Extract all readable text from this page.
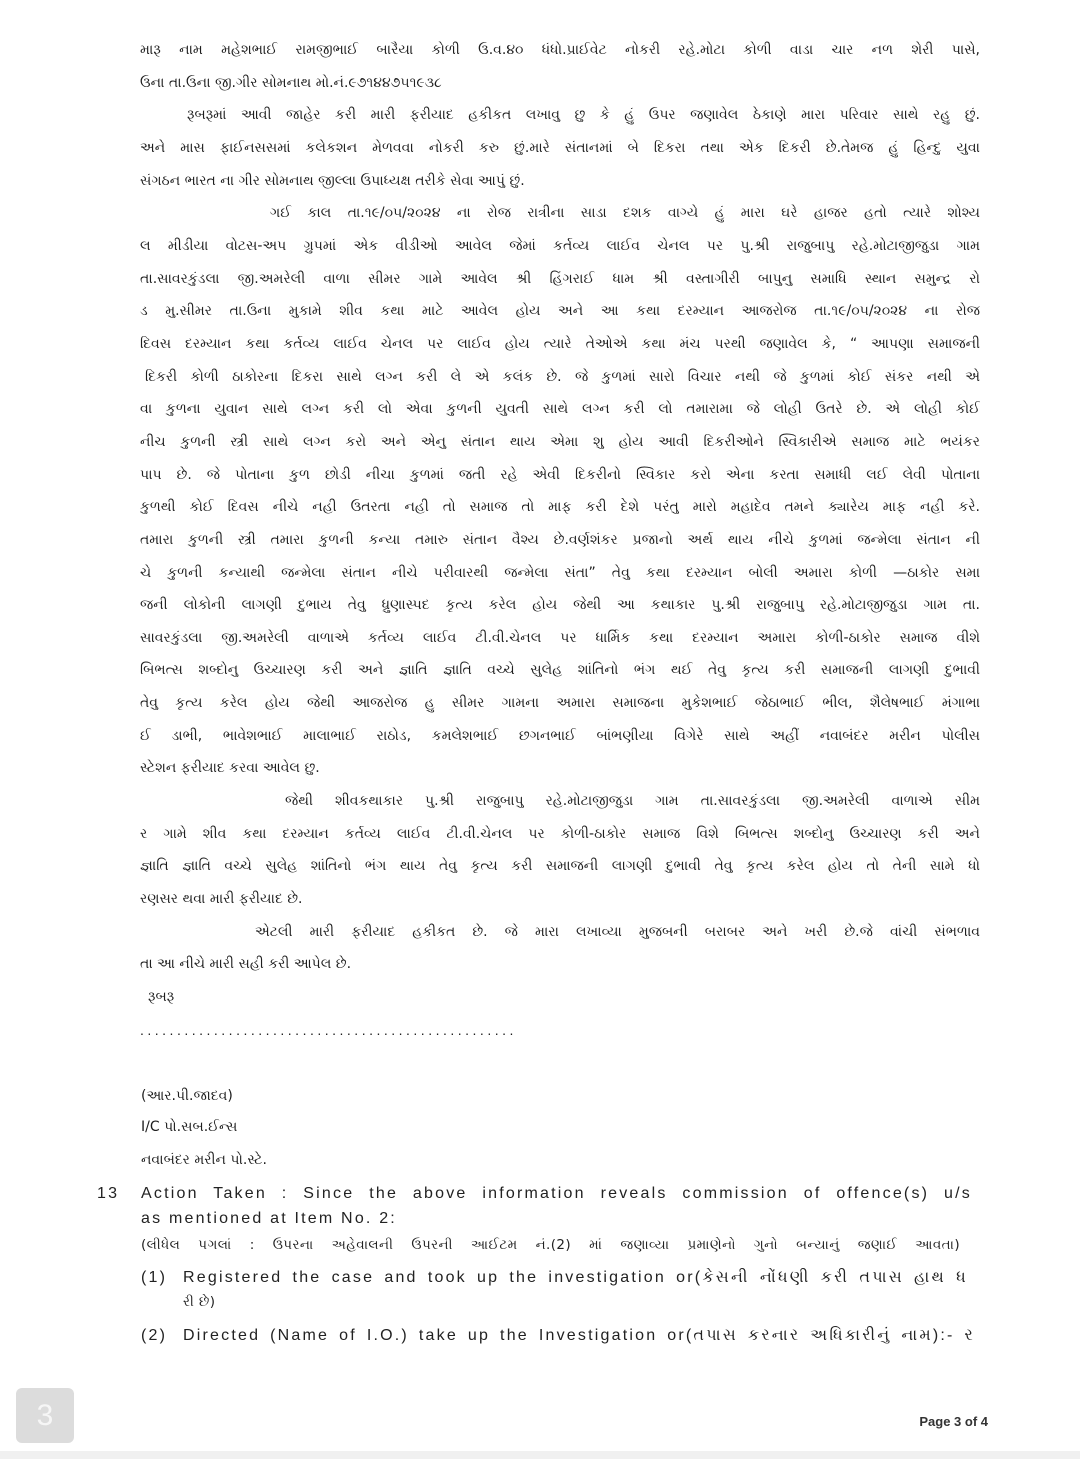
મારૂ નામ મહેશભાઈ રામજીભાઈ બારૈયા કોળી ઉ.વ.૪૦ ધંધો.પ્રાઈવેટ નોકરી રહે.મોટા કોળી વાડા ચાર નળ શેરી પાસે,
ઉના તા.ઉના જી.ગીર સોમનાથ મો.નં.૯૭૧૪૪૭૫૧૯૩૮
રૂબરૂમાં આવી જાહેર કરી મારી ફરીયાદ હકીકત લખાવુ છુ કે હું ઉપર જણાવેલ ઠેકાણે મારા પરિવાર સાથે રહુ છું.
અને માસ ફાઈનસસમાં કલેકશન મેળવવા નોકરી કરુ છું.મારે સંતાનમાં બે દિકરા તથા એક દિકરી છે.તેમજ હું હિન્દુ યુવા
સંગઠન ભારત ના ગીર સોમનાથ જીલ્લા ઉપાધ્યક્ષ તરીકે સેવા આપું છું.
ગઈ કાલ તા.૧૯/૦૫/૨૦૨૪ ના રોજ રાત્રીના સાડા દશક વાગ્યે હું મારા ઘરે હાજર હતો ત્યારે શોશ્ય
લ મીડીયા વોટસ-અપ ગ્રુપમાં એક વીડીઓ આવેલ જેમાં કર્તવ્ય લાઈવ ચેનલ પર પુ.શ્રી રાજુબાપુ રહે.મોટાજીજુડા ગામ
તા.સાવરકુંડલા જી.અમરેલી વાળા સીમર ગામે આવેલ શ્રી હિંગરાઈ ધામ શ્રી વસ્તાગીરી બાપુનુ સમાધિ સ્થાન સમુન્દ્ર રો
ડ મુ.સીમર તા.ઉના મુકામે શીવ કથા માટે આવેલ હોય અને આ કથા દરમ્યાન આજરોજ તા.૧૯/૦૫/૨૦૨૪ ના રોજ
દિવસ દરમ્યાન કથા કર્તવ્ય લાઈવ ચેનલ પર લાઈવ હોય ત્યારે તેઓએ કથા મંચ પરથી જણાવેલ કે, “ આપણા સમાજની
દિકરી કોળી ઠાકોરના દિકરા સાથે લગ્ન કરી લે એ કલંક છે. જે કુળમાં સારો વિચાર નથી જે કુળમાં કોઈ સંકર નથી એ
વા કુળના યુવાન સાથે લગ્ન કરી લો એવા કુળની યુવતી સાથે લગ્ન કરી લો તમારામા જે લોહી ઉતરે છે. એ લોહી કોઈ
નીચ કુળની સ્ત્રી સાથે લગ્ન કરો અને એનુ સંતાન થાય એમા શુ હોય આવી દિકરીઓને સ્વિકારીએ સમાજ માટે ભયંકર
પાપ છે. જે પોતાના કુળ છોડી નીચા કુળમાં જતી રહે એવી દિકરીનો સ્વિકાર કરો એના કરતા સમાધી લઈ લેવી પોતાના
કુળથી કોઈ દિવસ નીચે નહી ઉતરતા નહી તો સમાજ તો માફ કરી દેશે પરંતુ મારો મહાદેવ તમને ક્યારેય માફ નહી કરે.
તમારા કુળની સ્ત્રી તમારા કુળની કન્યા તમારુ સંતાન વૈશ્ય છે.વર્ણશંકર પ્રજાનો અર્થ થાય નીચે કુળમાં જન્મેલા સંતાન ની
ચે કુળની કન્યાથી જન્મેલા સંતાન નીચે પરીવારથી જન્મેલા સંતા” તેવુ કથા દરમ્યાન બોલી અમારા કોળી —ઠાકોર સમા
જની લોકોની લાગણી દુભાય તેવુ ધ્રુણાસ્પદ કૃત્ય કરેલ હોય જેથી આ કથાકાર પુ.શ્રી રાજુબાપુ રહે.મોટાજીજુડા ગામ તા.
સાવરકુંડલા જી.અમરેલી વાળાએ કર્તવ્ય લાઈવ ટી.વી.ચેનલ પર ધાર્મિક કથા દરમ્યાન અમારા કોળી-ઠાકોર સમાજ વીશે
બિભત્સ શબ્દોનુ ઉચ્ચારણ કરી અને જ્ઞાતિ જ્ઞાતિ વચ્ચે સુલેહ શાંતિનો ભંગ થઈ તેવુ કૃત્ય કરી સમાજની લાગણી દુભાવી
તેવુ કૃત્ય કરેલ હોય જેથી આજરોજ હુ સીમર ગામના અમારા સમાજના મુકેશભાઈ જેઠાભાઈ ભીલ, શૈલેષભાઈ મંગાભા
ઈ ડાભી, ભાવેશભાઈ માલાભાઈ રાઠોડ, કમલેશભાઈ છગનભાઈ બાંભણીયા વિગેરે સાથે અહીં નવાબંદર મરીન પોલીસ
સ્ટેશન ફરીયાદ કરવા આવેલ છુ.
જેથી શીવકથાકાર પુ.શ્રી રાજુબાપુ રહે.મોટાજીજુડા ગામ તા.સાવરકુંડલા જી.અમરેલી વાળાએ સીમ
ર ગામે શીવ કથા દરમ્યાન કર્તવ્ય લાઈવ ટી.વી.ચેનલ પર કોળી-ઠાકોર સમાજ વિશે બિભત્સ શબ્દોનુ ઉચ્ચારણ કરી અને
જ્ઞાતિ જ્ઞાતિ વચ્ચે સુલેહ શાંતિનો ભંગ થાય તેવુ કૃત્ય કરી સમાજની લાગણી દુભાવી તેવુ કૃત્ય કરેલ હોય તો તેની સામે ધો
રણસર થવા મારી ફરીયાદ છે.
એટલી મારી ફરીયાદ હકીકત છે. જે મારા લખાવ્યા મુજબની બરાબર અને ખરી છે.જે વાંચી સંભળાવ
તા આ નીચે મારી સહી કરી આપેલ છે.
રૂબરૂ
...................................................
(આર.પી.જાદવ)
I/C પો.સબ.ઈન્સ
નવાબંદર મરીન પો.સ્ટે.
13 Action Taken : Since the above information reveals commission of offence(s) u/s
as mentioned at Item No. 2:
(લીધેલ પગલાં : ઉપરના અહેવાલની ઉપરની આઈટમ નં.(2) માં જણાવ્યા પ્રમાણેનો ગુનો બન્યાનું જણાઈ આવતા)
(1) Registered the case and took up the investigation or(કેસની નોંધણી કરી તપાસ હાથ ધ
રી છે)
(2) Directed (Name of I.O.) take up the Investigation or(તપાસ કરનાર અધિકારીનું નામ):- ર
3	Page 3 of 4
